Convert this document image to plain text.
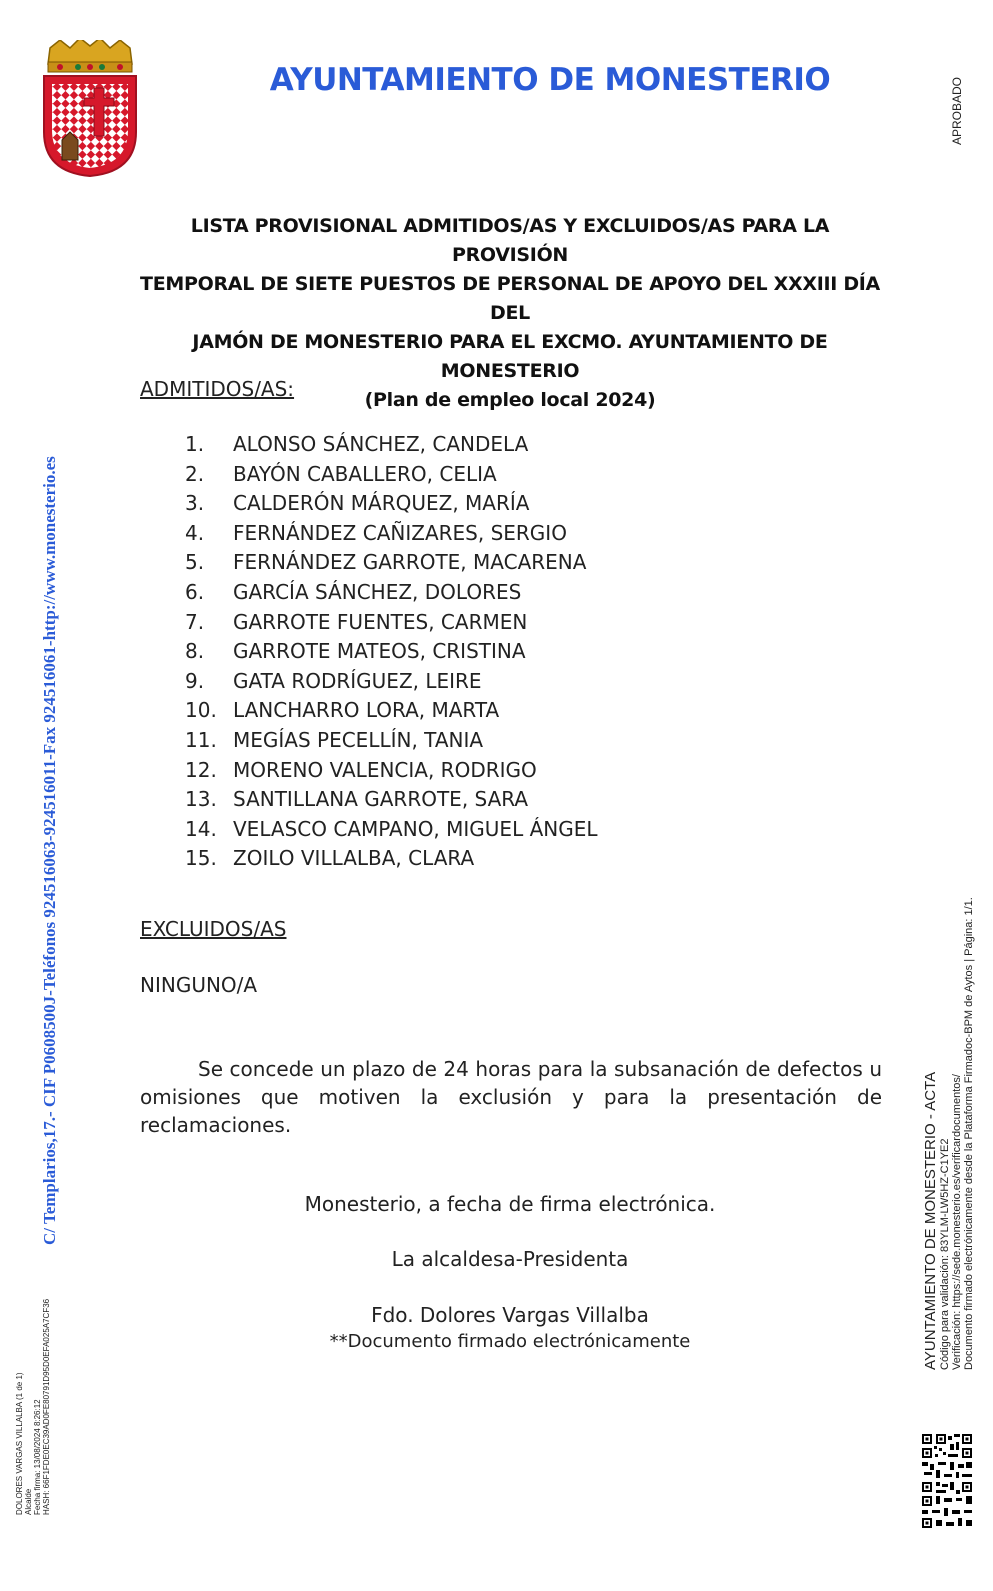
AYUNTAMIENTO DE MONESTERIO	APROBADO
C/ Templarios,17.- CIF P0608500J-Teléfonos 924516063-924516011-Fax 924516061-http://www.monesterio.es
LISTA PROVISIONAL ADMITIDOS/AS Y EXCLUIDOS/AS PARA LA PROVISIÓN
TEMPORAL DE SIETE PUESTOS DE PERSONAL DE APOYO DEL XXXIII DÍA DEL
JAMÓN DE MONESTERIO PARA EL EXCMO. AYUNTAMIENTO DE MONESTERIO
(Plan de empleo local 2024)
ADMITIDOS/AS:
1. ALONSO SÁNCHEZ, CANDELA
2. BAYÓN CABALLERO, CELIA
3. CALDERÓN MÁRQUEZ, MARÍA
4. FERNÁNDEZ CAÑIZARES, SERGIO
5. FERNÁNDEZ GARROTE, MACARENA
6. GARCÍA SÁNCHEZ, DOLORES
7. GARROTE FUENTES, CARMEN
8. GARROTE MATEOS, CRISTINA
9. GATA RODRÍGUEZ, LEIRE
10. LANCHARRO LORA, MARTA
11. MEGÍAS PECELLÍN, TANIA
12. MORENO VALENCIA, RODRIGO
13. SANTILLANA GARROTE, SARA
14. VELASCO CAMPANO, MIGUEL ÁNGEL
15. ZOILO VILLALBA, CLARA
EXCLUIDOS/AS
NINGUNO/A
Se concede un plazo de 24 horas para la subsanación de defectos u omisiones que motiven la exclusión y para la presentación de reclamaciones.
Monesterio, a fecha de firma electrónica.
La alcaldesa-Presidenta
Fdo. Dolores Vargas Villalba
**Documento firmado electrónicamente
DOLORES VARGAS VILLALBA (1 de 1) Alcalde Fecha firma: 13/08/2024 8:26:12 HASH: 66F1FDE0EC39AD0FE80791D95D0EFA025A7CF36
AYUNTAMIENTO DE MONESTERIO - ACTA Código para validación: 83YLM-LW5HZ-C1YE2 Verificación: https://sede.monesterio.es/verificardocumentos/ Documento firmado electrónicamente desde la Plataforma Firmadoc-BPM de Aytos | Página: 1/1.
